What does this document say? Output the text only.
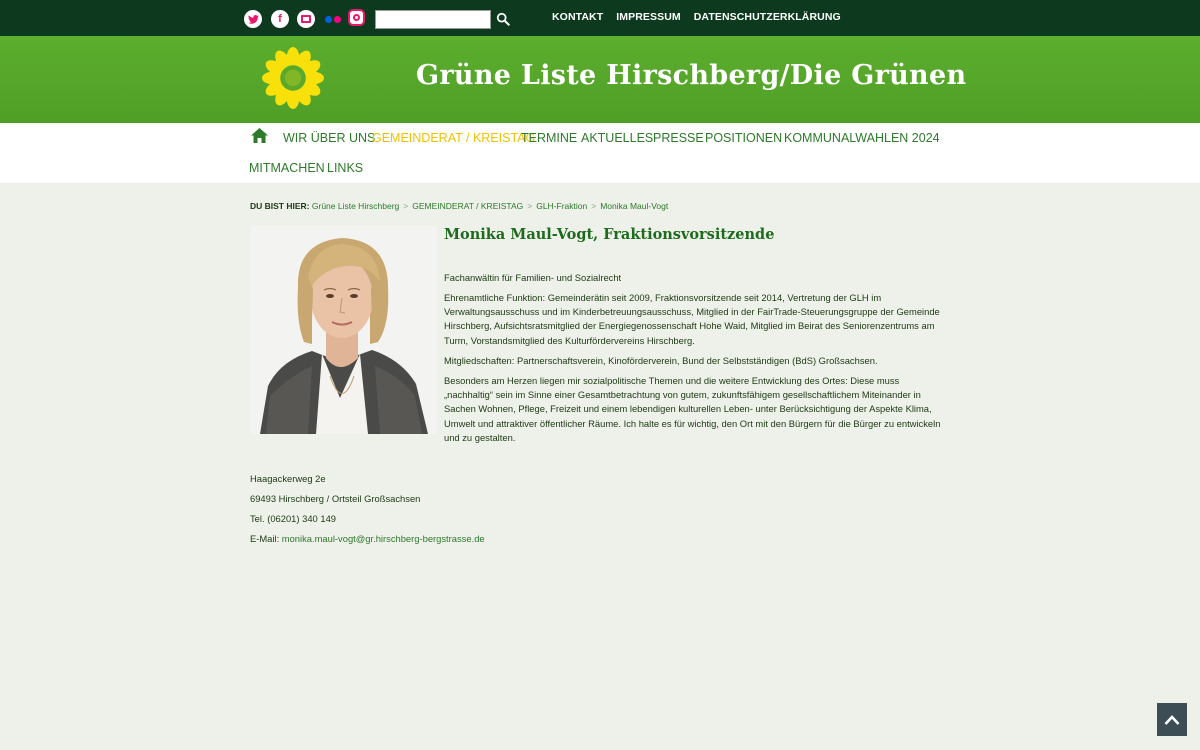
f	KONTAKT IMPRESSUM DATENSCHUTZERKLÄRUNG
Grüne Liste Hirschberg/Die Grünen
WIR ÜBER UNS
GEMEINDERAT / KREISTAG
TERMINE AKTUELLES PRESSE POSITIONEN KOMMUNALWAHLEN 2024
MITMACHEN LINKS
DU BIST HIER: Grüne Liste Hirschberg > GEMEINDERAT / KREISTAG > GLH-Fraktion > Monika Maul-Vogt
Monika Maul-Vogt, Fraktionsvorsitzende

Fachanwältin für Familien- und Sozialrecht

Ehrenamtliche Funktion: Gemeinderätin seit 2009, Fraktionsvorsitzende seit 2014, Vertretung der GLH im Verwaltungsausschuss und im Kinderbetreuungsausschuss, Mitglied in der FairTrade-Steuerungsgruppe der Gemeinde Hirschberg, Aufsichtsratsmitglied der Energiegenossenschaft Hohe Waid, Mitglied im Beirat des Seniorenzentrums am Turm, Vorstandsmitglied des Kulturfördervereins Hirschberg.

Mitgliedschaften: Partnerschaftsverein, Kinoförderverein, Bund der Selbstständigen (BdS) Großsachsen.

Besonders am Herzen liegen mir sozialpolitische Themen und die weitere Entwicklung des Ortes: Diese muss „nachhaltig“ sein im Sinne einer Gesamtbetrachtung von gutem, zukunftsfähigem gesellschaftlichem Miteinander in Sachen Wohnen, Pflege, Freizeit und einem lebendigen kulturellen Leben- unter Berücksichtigung der Aspekte Klima, Umwelt und attraktiver öffentlicher Räume. Ich halte es für wichtig, den Ort mit den Bürgern für die Bürger zu entwickeln und zu gestalten.

Haagackerweg 2e
69493 Hirschberg / Ortsteil Großsachsen
Tel. (06201) 340 149
E-Mail: monika.maul-vogt@gr.hirschberg-bergstrasse.de
